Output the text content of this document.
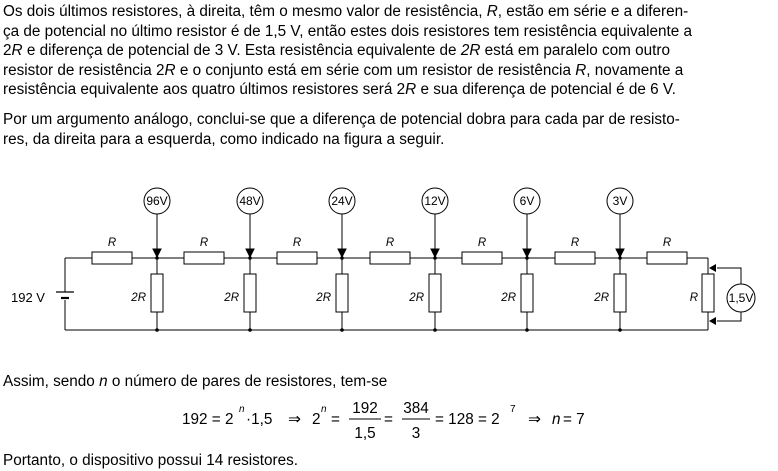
Os dois últimos resistores, à direita, têm o mesmo valor de resistência, R, estão em série e a diferen-
ça de potencial no último resistor é de 1,5 V, então estes dois resistores tem resistência equivalente a
2R e diferença de potencial de 3 V. Esta resistência equivalente de 2R está em paralelo com outro
resistor de resistência 2R e o conjunto está em série com um resistor de resistência R, novamente a
resistência equivalente aos quatro últimos resistores será 2R e sua diferença de potencial é de 6 V.
Por um argumento análogo, conclui-se que a diferença de potencial dobra para cada par de resisto-
res, da direita para a esquerda, como indicado na figura a seguir.
1,5V
96V	48V	24V	12V	6V	3V
R	R	R	R	R	R	R
2R	2R	2R	2R	2R	2R	R
192 V
Assim, sendo n o número de pares de resistores, tem-se
192 = 2
n
·1,5 ⇒ 2
n
=
192
1,5
=
384
3
= 128 = 2
7
⇒ n = 7
Portanto, o dispositivo possui 14 resistores.
